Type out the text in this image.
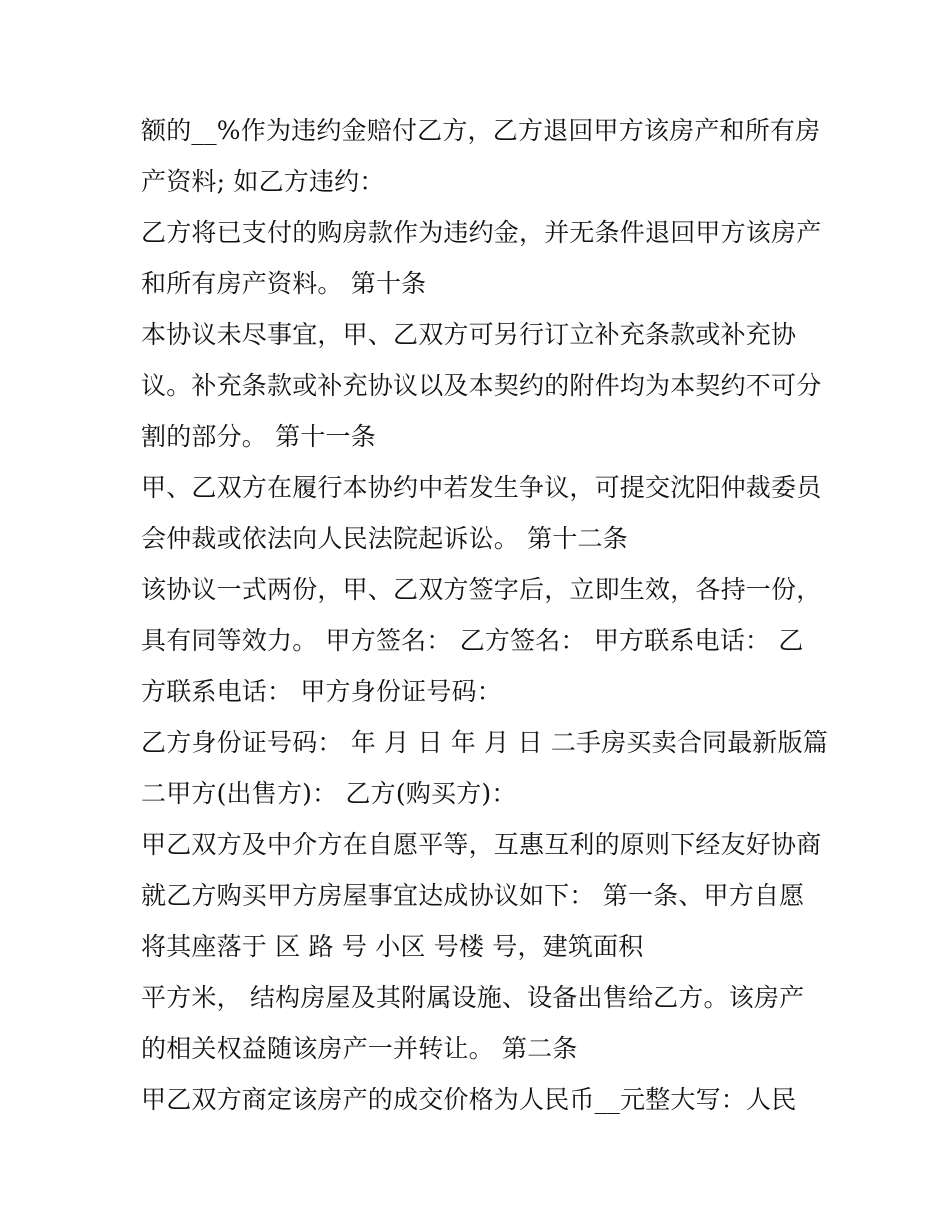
额的__%作为违约金赔付乙方，乙方退回甲方该房产和所有房
产资料; 如乙方违约：
乙方将已支付的购房款作为违约金，并无条件退回甲方该房产
和所有房产资料。 第十条
本协议未尽事宜，甲、乙双方可另行订立补充条款或补充协
议。补充条款或补充协议以及本契约的附件均为本契约不可分
割的部分。 第十一条
甲、乙双方在履行本协约中若发生争议，可提交沈阳仲裁委员
会仲裁或依法向人民法院起诉讼。 第十二条
该协议一式两份，甲、乙双方签字后，立即生效，各持一份，
具有同等效力。 甲方签名： 乙方签名： 甲方联系电话： 乙
方联系电话： 甲方身份证号码：
乙方身份证号码： 年 月 日 年 月 日 二手房买卖合同最新版篇
二甲方(出售方)： 乙方(购买方)：
甲乙双方及中介方在自愿平等，互惠互利的原则下经友好协商
就乙方购买甲方房屋事宜达成协议如下： 第一条、甲方自愿
将其座落于 区 路 号 小区 号楼 号，建筑面积
平方米， 结构房屋及其附属设施、设备出售给乙方。该房产
的相关权益随该房产一并转让。 第二条
甲乙双方商定该房产的成交价格为人民币__元整大写：人民
